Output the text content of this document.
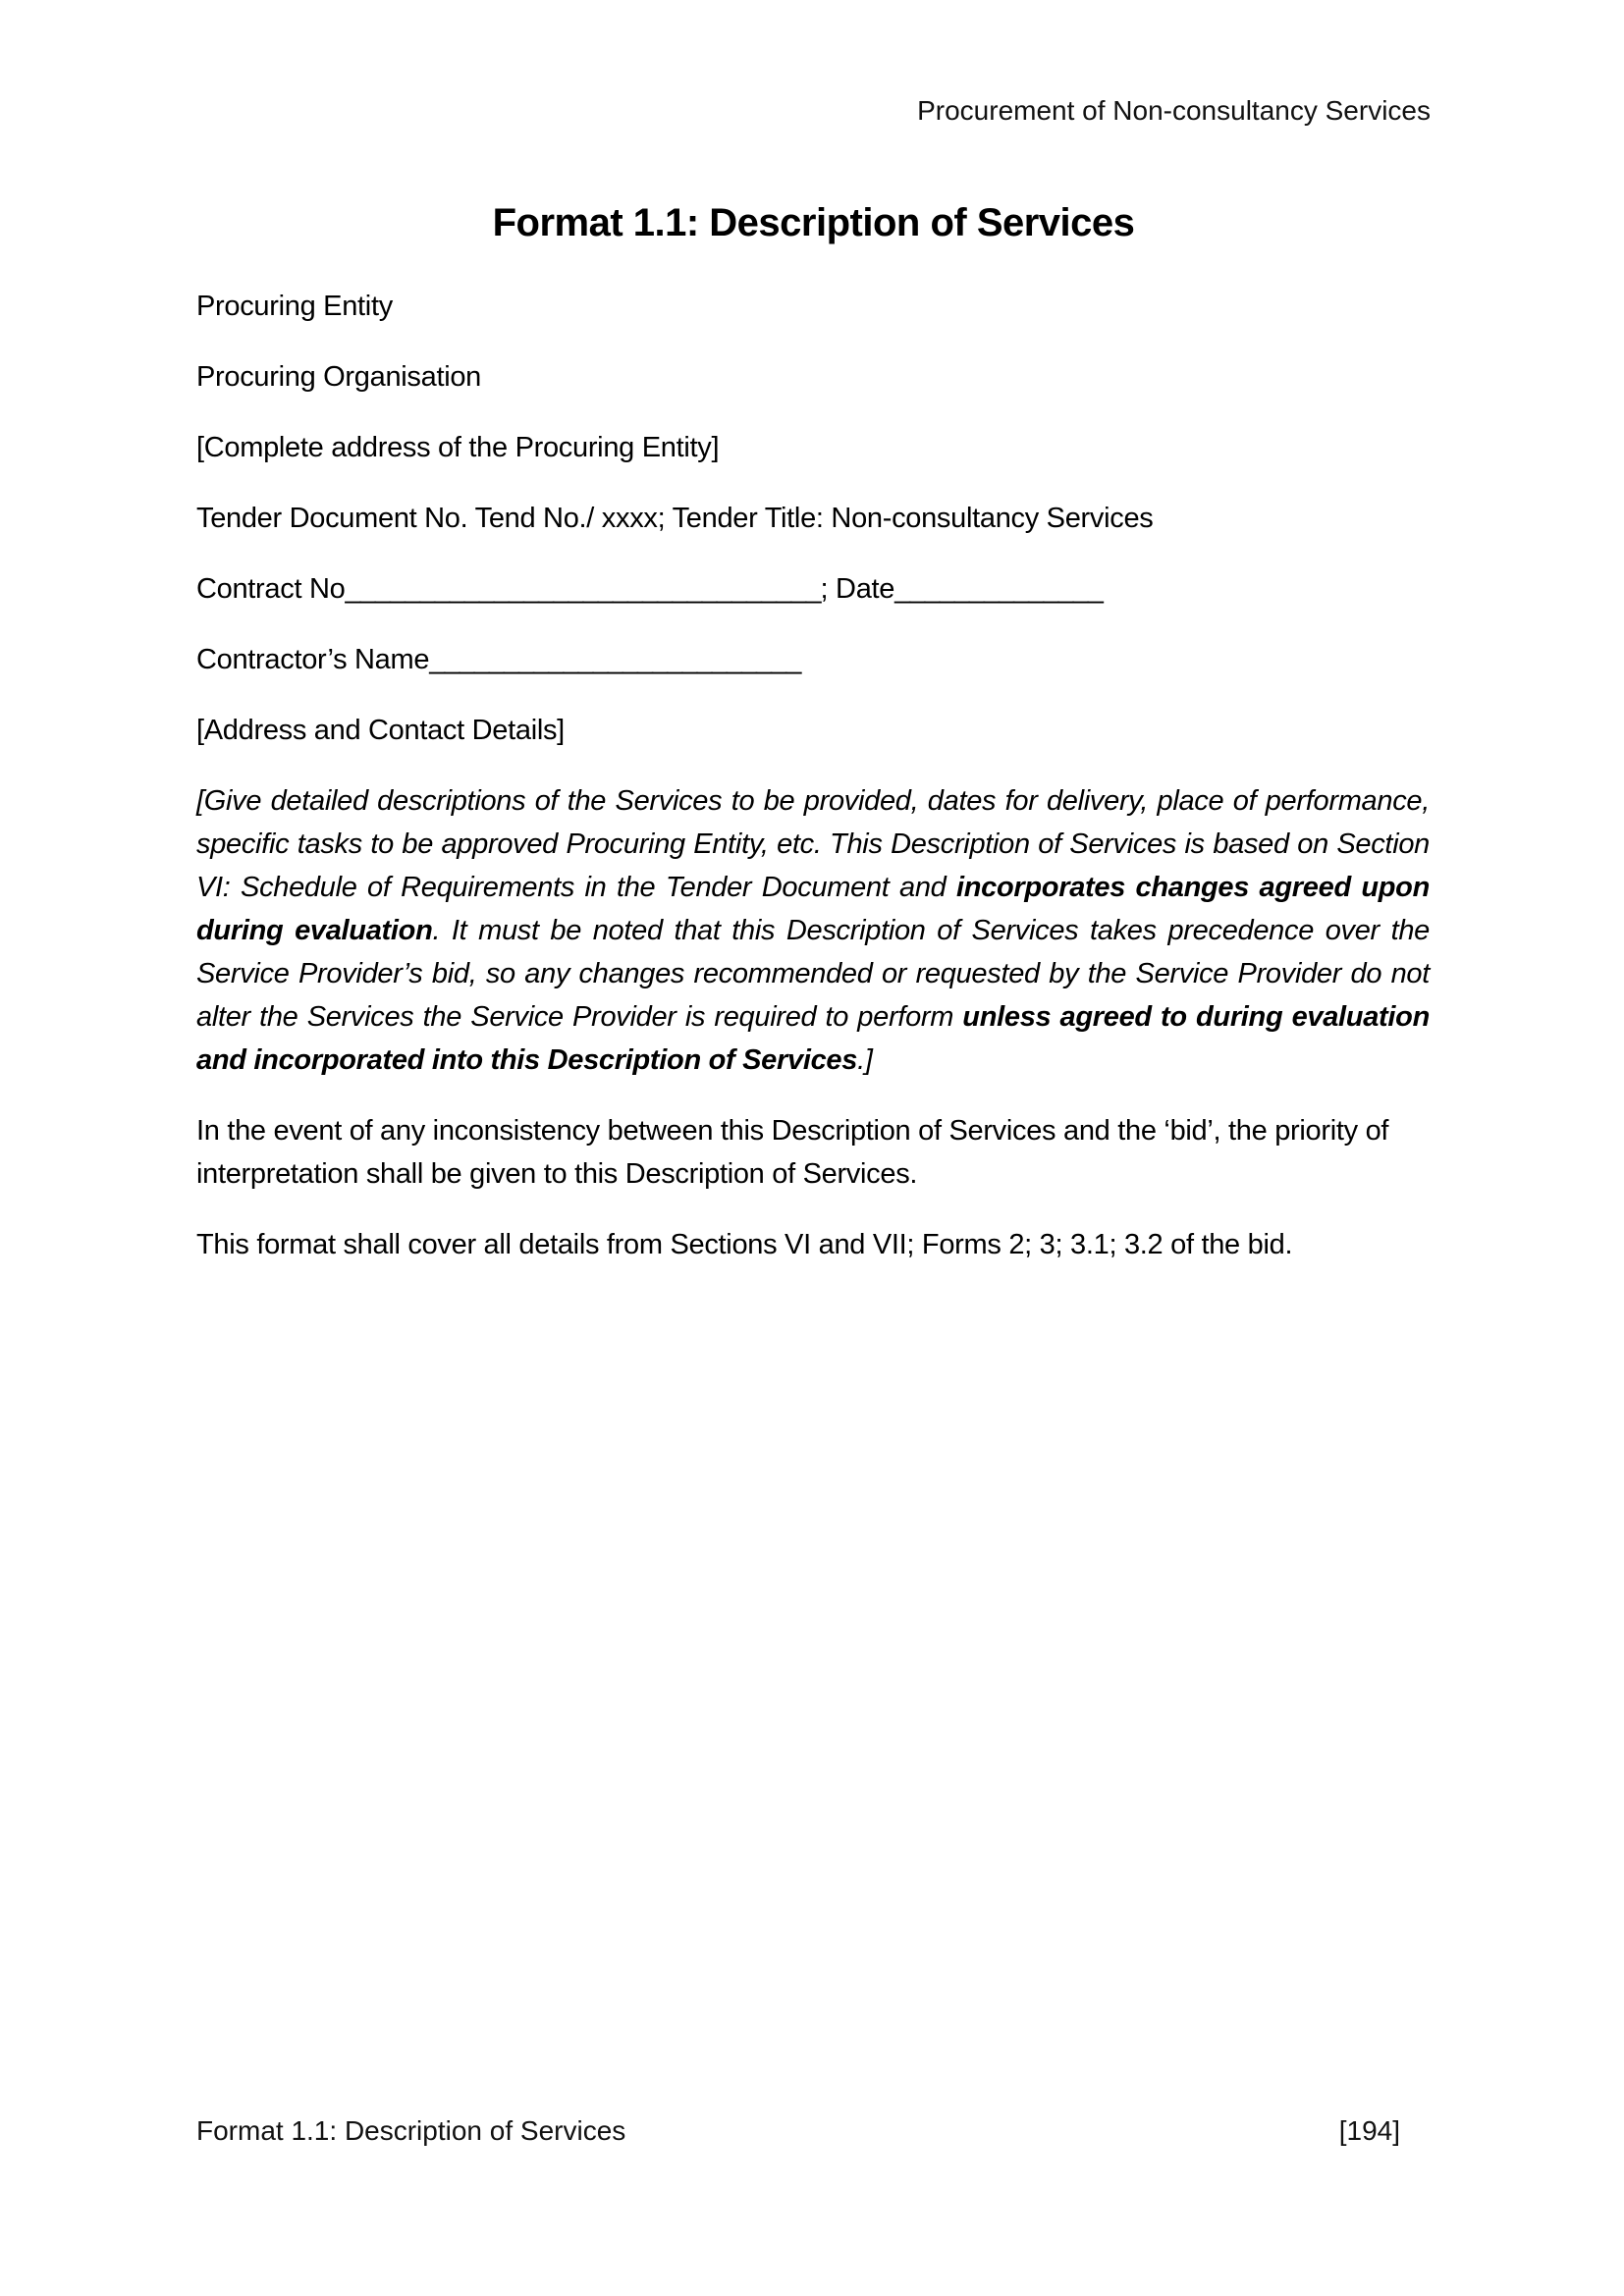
Procurement of Non-consultancy Services
Format 1.1: Description of Services

Procuring Entity

Procuring Organisation

[Complete address of the Procuring Entity]

Tender Document No. Tend No./ xxxx; Tender Title: Non-consultancy Services

Contract No________________________________; Date______________

Contractor’s Name_________________________

[Address and Contact Details]

[Give detailed descriptions of the Services to be provided, dates for delivery, place of performance, specific tasks to be approved Procuring Entity, etc. This Description of Services is based on Section VI: Schedule of Requirements in the Tender Document and incorporates changes agreed upon during evaluation. It must be noted that this Description of Services takes precedence over the Service Provider’s bid, so any changes recommended or requested by the Service Provider do not alter the Services the Service Provider is required to perform unless agreed to during evaluation and incorporated into this Description of Services.]

In the event of any inconsistency between this Description of Services and the ‘bid’, the priority of interpretation shall be given to this Description of Services.

This format shall cover all details from Sections VI and VII; Forms 2; 3; 3.1; 3.2 of the bid.

Format 1.1: Description of Services	[194]
